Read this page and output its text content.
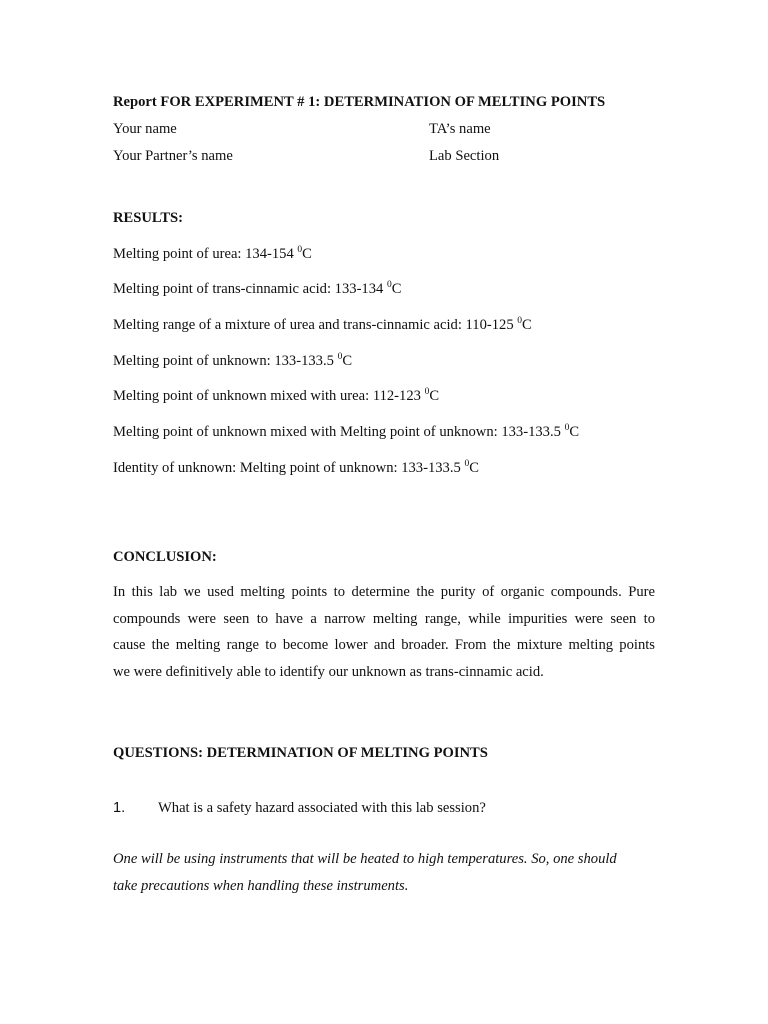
Report FOR EXPERIMENT # 1: DETERMINATION OF MELTING POINTS
Your name	TA’s name
Your Partner’s name	Lab Section
RESULTS:
Melting point of urea: 134-154 $^0$C
Melting point of trans-cinnamic acid: 133-134 $^0$C
Melting range of a mixture of urea and trans-cinnamic acid: 110-125 $^0$C
Melting point of unknown: 133-133.5 $^0$C
Melting point of unknown mixed with urea: 112-123 $^0$C
Melting point of unknown mixed with Melting point of unknown: 133-133.5 $^0$C
Identity of unknown: Melting point of unknown: 133-133.5 $^0$C
CONCLUSION:
In this lab we used melting points to determine the purity of organic compounds. Pure
compounds were seen to have a narrow melting range, while impurities were seen to
cause the melting range to become lower and broader. From the mixture melting points
we were definitively able to identify our unknown as trans-cinnamic acid.
QUESTIONS: DETERMINATION OF MELTING POINTS
1. What is a safety hazard associated with this lab session?
One will be using instruments that will be heated to high temperatures. So, one should
take precautions when handling these instruments.
